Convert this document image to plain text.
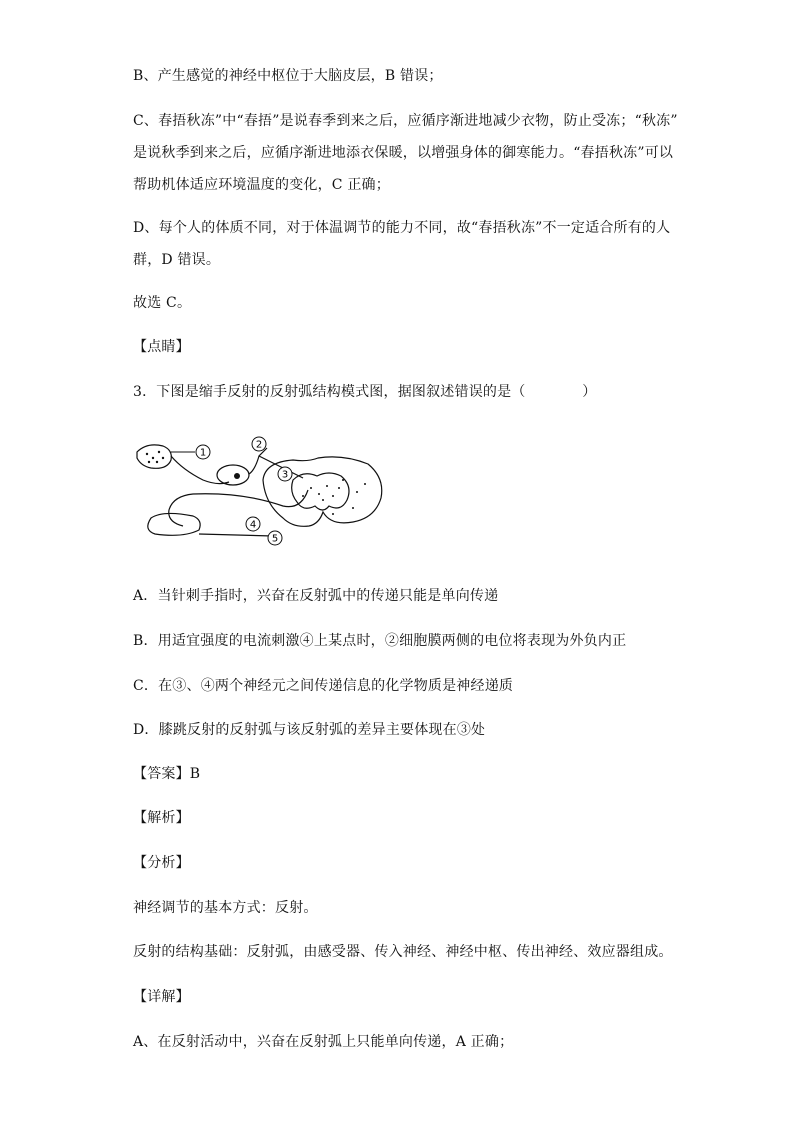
B、产生感觉的神经中枢位于大脑皮层，B 错误；
C、春捂秋冻”中“春捂”是说春季到来之后，应循序渐进地减少衣物，防止受冻；“秋冻”
是说秋季到来之后，应循序渐进地添衣保暖，以增强身体的御寒能力。“春捂秋冻”可以
帮助机体适应环境温度的变化，C 正确；
D、每个人的体质不同，对于体温调节的能力不同，故“春捂秋冻”不一定适合所有的人
群，D 错误。
故选 C。
【点睛】
3．下图是缩手反射的反射弧结构模式图，据图叙述错误的是（　　　　）
1
2
3
4
5
A．当针刺手指时，兴奋在反射弧中的传递只能是单向传递
B．用适宜强度的电流刺激④上某点时，②细胞膜两侧的电位将表现为外负内正
C．在③、④两个神经元之间传递信息的化学物质是神经递质
D．膝跳反射的反射弧与该反射弧的差异主要体现在③处
【答案】B
【解析】
【分析】
神经调节的基本方式：反射。
反射的结构基础：反射弧，由感受器、传入神经、神经中枢、传出神经、效应器组成。
【详解】
A、在反射活动中，兴奋在反射弧上只能单向传递，A 正确；
